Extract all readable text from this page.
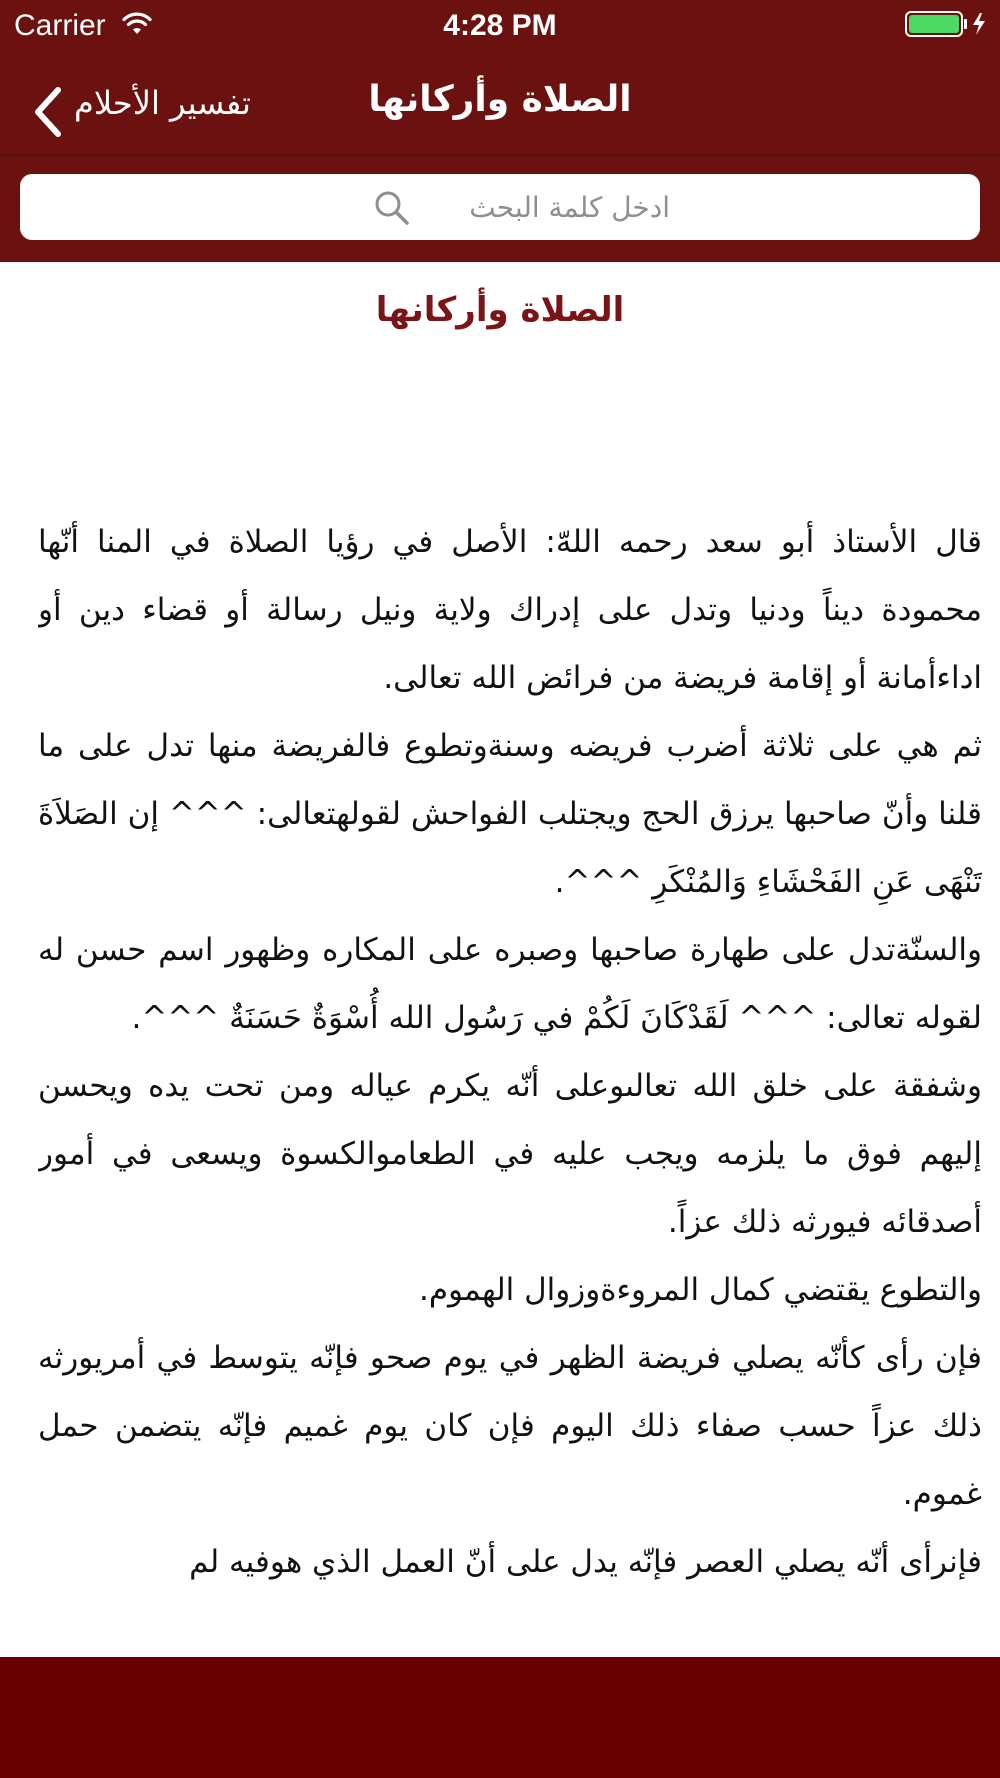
Carrier	4:28 PM
تفسير الأحلام	الصلاة وأركانها
ادخل كلمة البحث
الصلاة وأركانها

قال الأستاذ أبو سعد رحمه اللهّ: الأصل في رؤيا الصلاة في المنا أنّها محمودة ديناً ودنيا وتدل على إدراك ولاية ونيل رسالة أو قضاء دين أو اداءأمانة أو إقامة فريضة من فرائض الله تعالى.

ثم هي على ثلاثة أضرب فريضه وسنةوتطوع فالفريضة منها تدل على ما قلنا وأنّ صاحبها يرزق الحج ويجتلب الفواحش لقولهتعالى: ^^^ إن الصَلاَةَ تَنْهَى عَنِ الفَحْشَاءِ وَالمُنْكَرِ ^^^.

والسنّةتدل على طهارة صاحبها وصبره على المكاره وظهور اسم حسن له لقوله تعالى: ^^^ لَقَدْكَانَ لَكُمْ في رَسُول الله أُسْوَةٌ حَسَنَةٌ ^^^.

وشفقة على خلق الله تعالىوعلى أنّه يكرم عياله ومن تحت يده ويحسن إليهم فوق ما يلزمه ويجب عليه في الطعاموالكسوة ويسعى في أمور أصدقائه فيورثه ذلك عزاً.

والتطوع يقتضي كمال المروءةوزوال الهموم.

فإن رأى كأنّه يصلي فريضة الظهر في يوم صحو فإنّه يتوسط في أمريورثه ذلك عزاً حسب صفاء ذلك اليوم فإن كان يوم غميم فإنّه يتضمن حمل غموم.

فإنرأى أنّه يصلي العصر فإنّه يدل على أنّ العمل الذي هوفيه لم
